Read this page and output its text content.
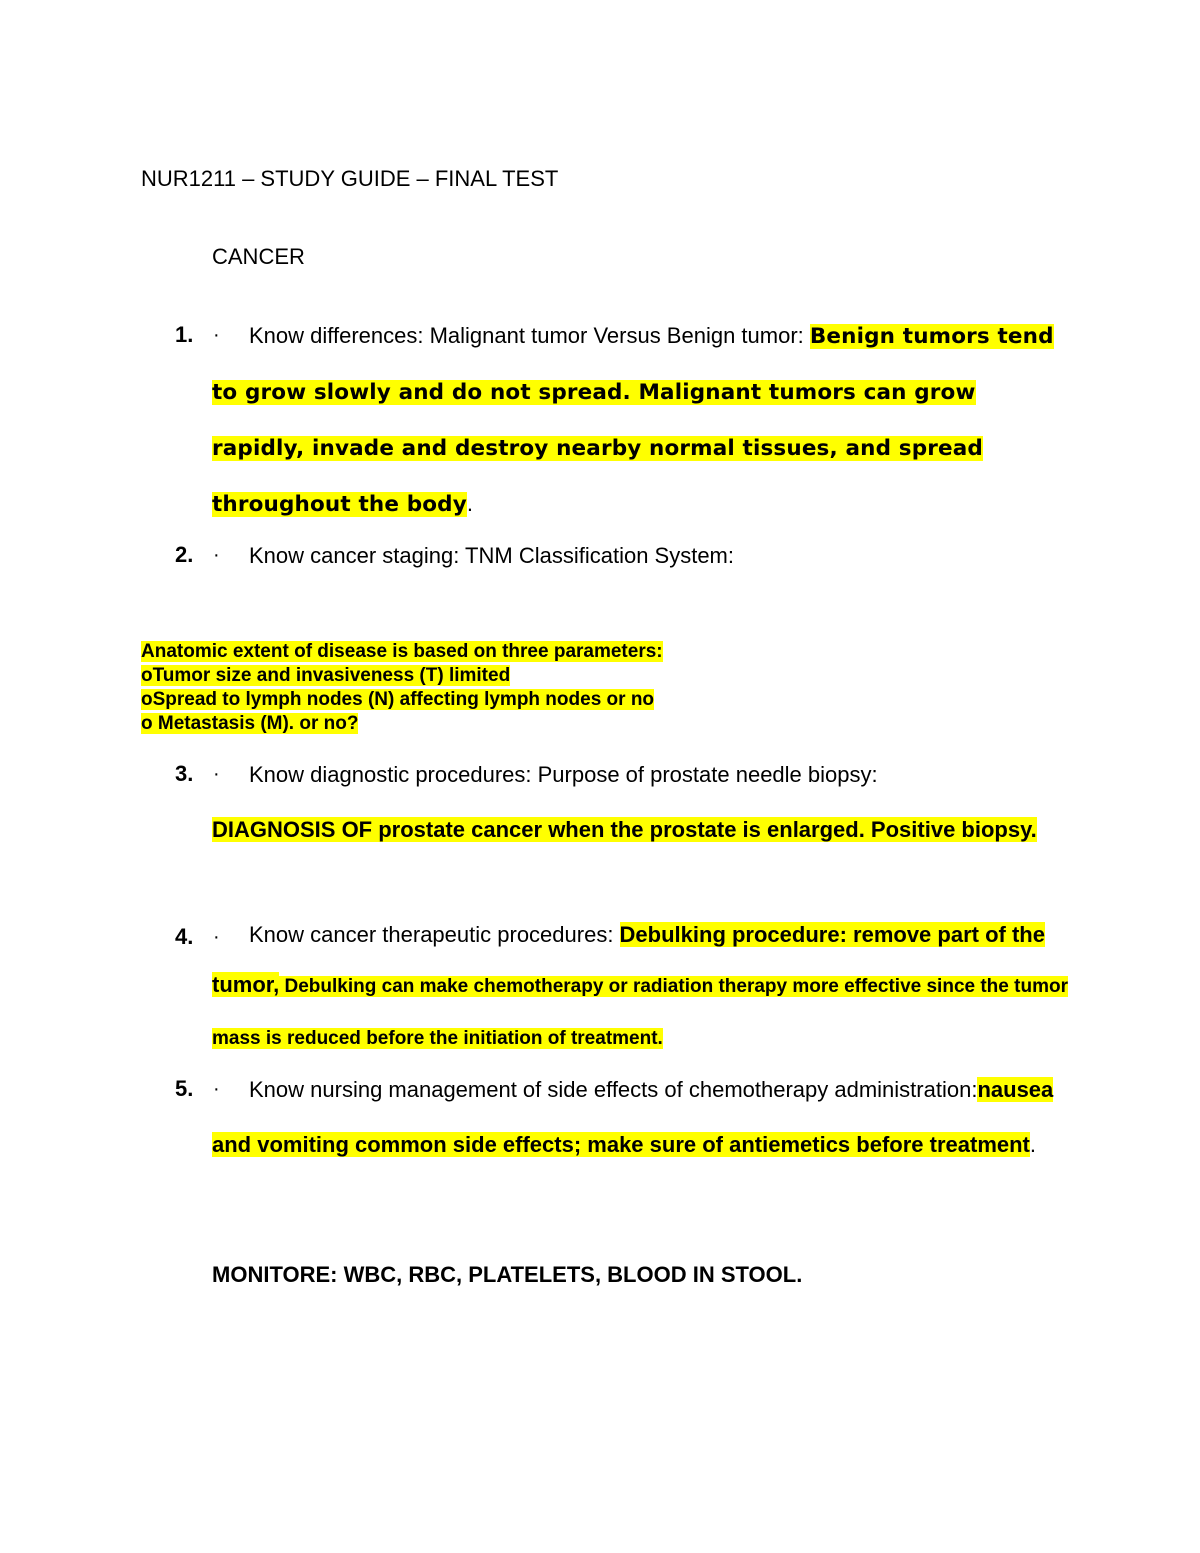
NUR1211 – STUDY GUIDE – FINAL TEST
CANCER
1. ·	Know differences: Malignant tumor Versus Benign tumor: Benign tumors tend to grow slowly and do not spread. Malignant tumors can grow rapidly, invade and destroy nearby normal tissues, and spread throughout the body.
2. ·	Know cancer staging: TNM Classification System:
Anatomic extent of disease is based on three parameters:
oTumor size and invasiveness (T) limited
oSpread to lymph nodes (N) affecting lymph nodes or no
o Metastasis (M). or no?
3. ·	Know diagnostic procedures: Purpose of prostate needle biopsy:
DIAGNOSIS OF prostate cancer when the prostate is enlarged. Positive biopsy.
4. ·	Know cancer therapeutic procedures: Debulking procedure: remove part of the tumor, Debulking can make chemotherapy or radiation therapy more effective since the tumor mass is reduced before the initiation of treatment.
5. ·	Know nursing management of side effects of chemotherapy administration:nausea and vomiting common side effects; make sure of antiemetics before treatment.
MONITORE: WBC, RBC, PLATELETS, BLOOD IN STOOL.
